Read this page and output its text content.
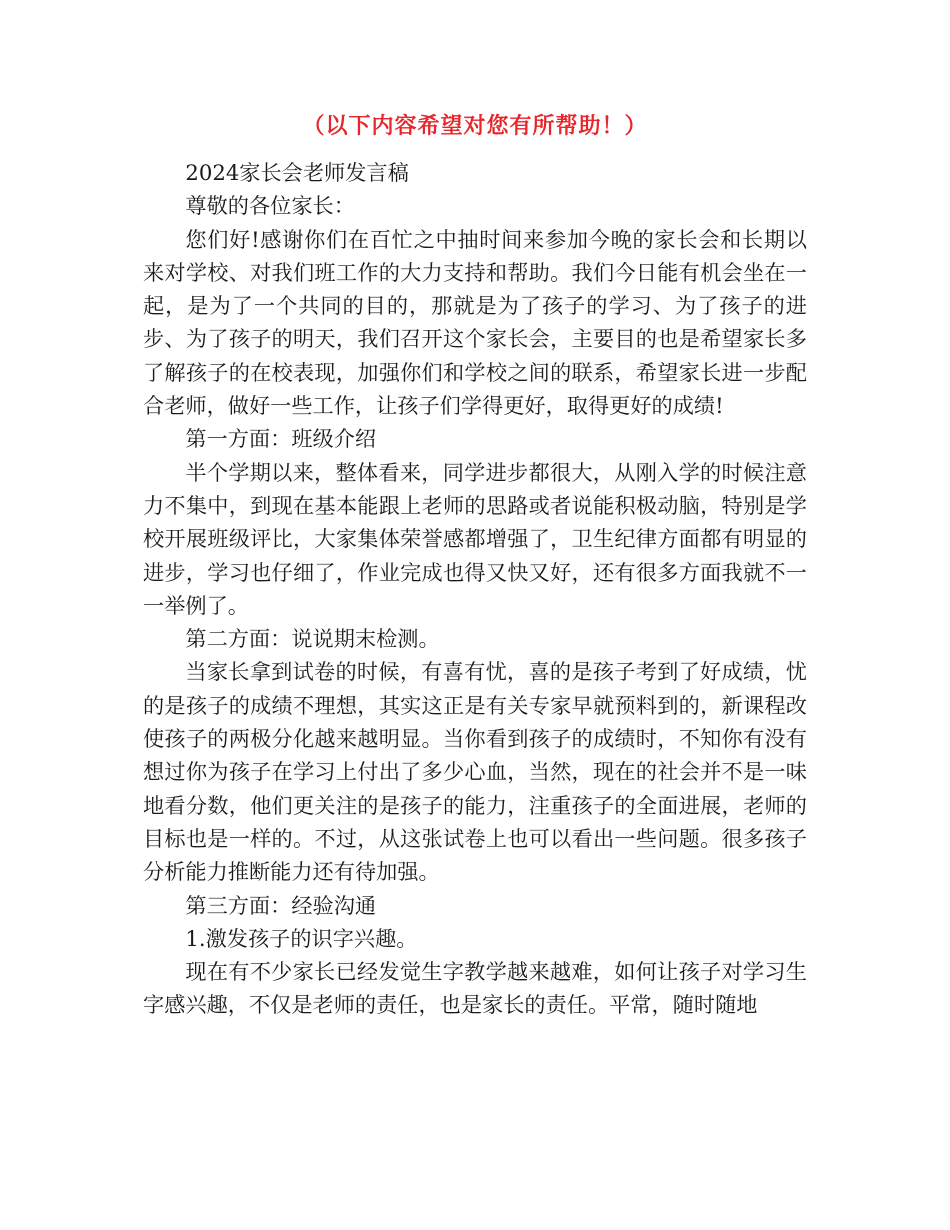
（以下内容希望对您有所帮助！）

2024家长会老师发言稿

尊敬的各位家长：

您们好!感谢你们在百忙之中抽时间来参加今晚的家长会和长期以来对学校、对我们班工作的大力支持和帮助。我们今日能有机会坐在一起，是为了一个共同的目的，那就是为了孩子的学习、为了孩子的进步、为了孩子的明天，我们召开这个家长会，主要目的也是希望家长多了解孩子的在校表现，加强你们和学校之间的联系，希望家长进一步配合老师，做好一些工作，让孩子们学得更好，取得更好的成绩!

第一方面：班级介绍

半个学期以来，整体看来，同学进步都很大，从刚入学的时候注意力不集中，到现在基本能跟上老师的思路或者说能积极动脑，特别是学校开展班级评比，大家集体荣誉感都增强了，卫生纪律方面都有明显的进步，学习也仔细了，作业完成也得又快又好，还有很多方面我就不一一举例了。

第二方面：说说期末检测。

当家长拿到试卷的时候，有喜有忧，喜的是孩子考到了好成绩，忧的是孩子的成绩不理想，其实这正是有关专家早就预料到的，新课程改使孩子的两极分化越来越明显。当你看到孩子的成绩时，不知你有没有想过你为孩子在学习上付出了多少心血，当然，现在的社会并不是一味地看分数，他们更关注的是孩子的能力，注重孩子的全面进展，老师的目标也是一样的。不过，从这张试卷上也可以看出一些问题。很多孩子分析能力推断能力还有待加强。

第三方面：经验沟通

1.激发孩子的识字兴趣。

现在有不少家长已经发觉生字教学越来越难，如何让孩子对学习生字感兴趣，不仅是老师的责任，也是家长的责任。平常，随时随地
